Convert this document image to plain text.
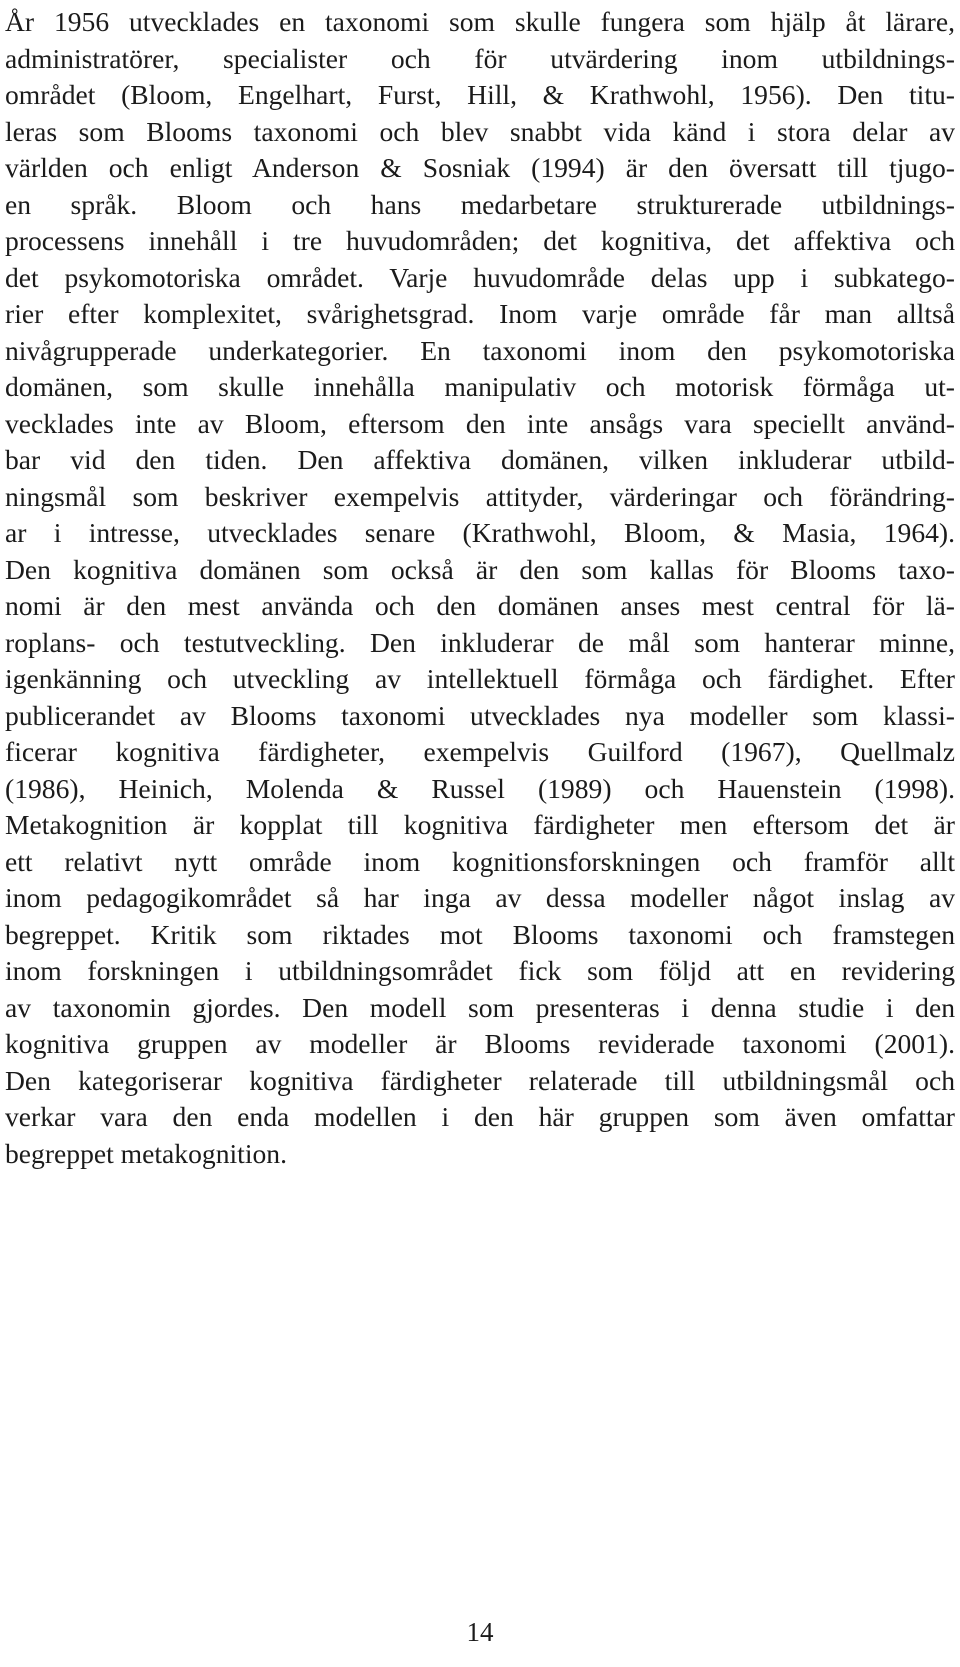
År 1956 utvecklades en taxonomi som skulle fungera som hjälp åt lärare,
administratörer, specialister och för utvärdering inom utbildnings-
området (Bloom, Engelhart, Furst, Hill, & Krathwohl, 1956). Den titu-
leras som Blooms taxonomi och blev snabbt vida känd i stora delar av
världen och enligt Anderson & Sosniak (1994) är den översatt till tjugo-
en språk. Bloom och hans medarbetare strukturerade utbildnings-
processens innehåll i tre huvudområden; det kognitiva, det affektiva och
det psykomotoriska området. Varje huvudområde delas upp i subkatego-
rier efter komplexitet, svårighetsgrad. Inom varje område får man alltså
nivågrupperade underkategorier. En taxonomi inom den psykomotoriska
domänen, som skulle innehålla manipulativ och motorisk förmåga ut-
vecklades inte av Bloom, eftersom den inte ansågs vara speciellt använd-
bar vid den tiden. Den affektiva domänen, vilken inkluderar utbild-
ningsmål som beskriver exempelvis attityder, värderingar och förändring-
ar i intresse, utvecklades senare (Krathwohl, Bloom, & Masia, 1964).
Den kognitiva domänen som också är den som kallas för Blooms taxo-
nomi är den mest använda och den domänen anses mest central för lä-
roplans- och testutveckling. Den inkluderar de mål som hanterar minne,
igenkänning och utveckling av intellektuell förmåga och färdighet. Efter
publicerandet av Blooms taxonomi utvecklades nya modeller som klassi-
ficerar kognitiva färdigheter, exempelvis Guilford (1967), Quellmalz
(1986), Heinich, Molenda & Russel (1989) och Hauenstein (1998).
Metakognition är kopplat till kognitiva färdigheter men eftersom det är
ett relativt nytt område inom kognitionsforskningen och framför allt
inom pedagogikområdet så har inga av dessa modeller något inslag av
begreppet. Kritik som riktades mot Blooms taxonomi och framstegen
inom forskningen i utbildningsområdet fick som följd att en revidering
av taxonomin gjordes. Den modell som presenteras i denna studie i den
kognitiva gruppen av modeller är Blooms reviderade taxonomi (2001).
Den kategoriserar kognitiva färdigheter relaterade till utbildningsmål och
verkar vara den enda modellen i den här gruppen som även omfattar
begreppet metakognition.
14
